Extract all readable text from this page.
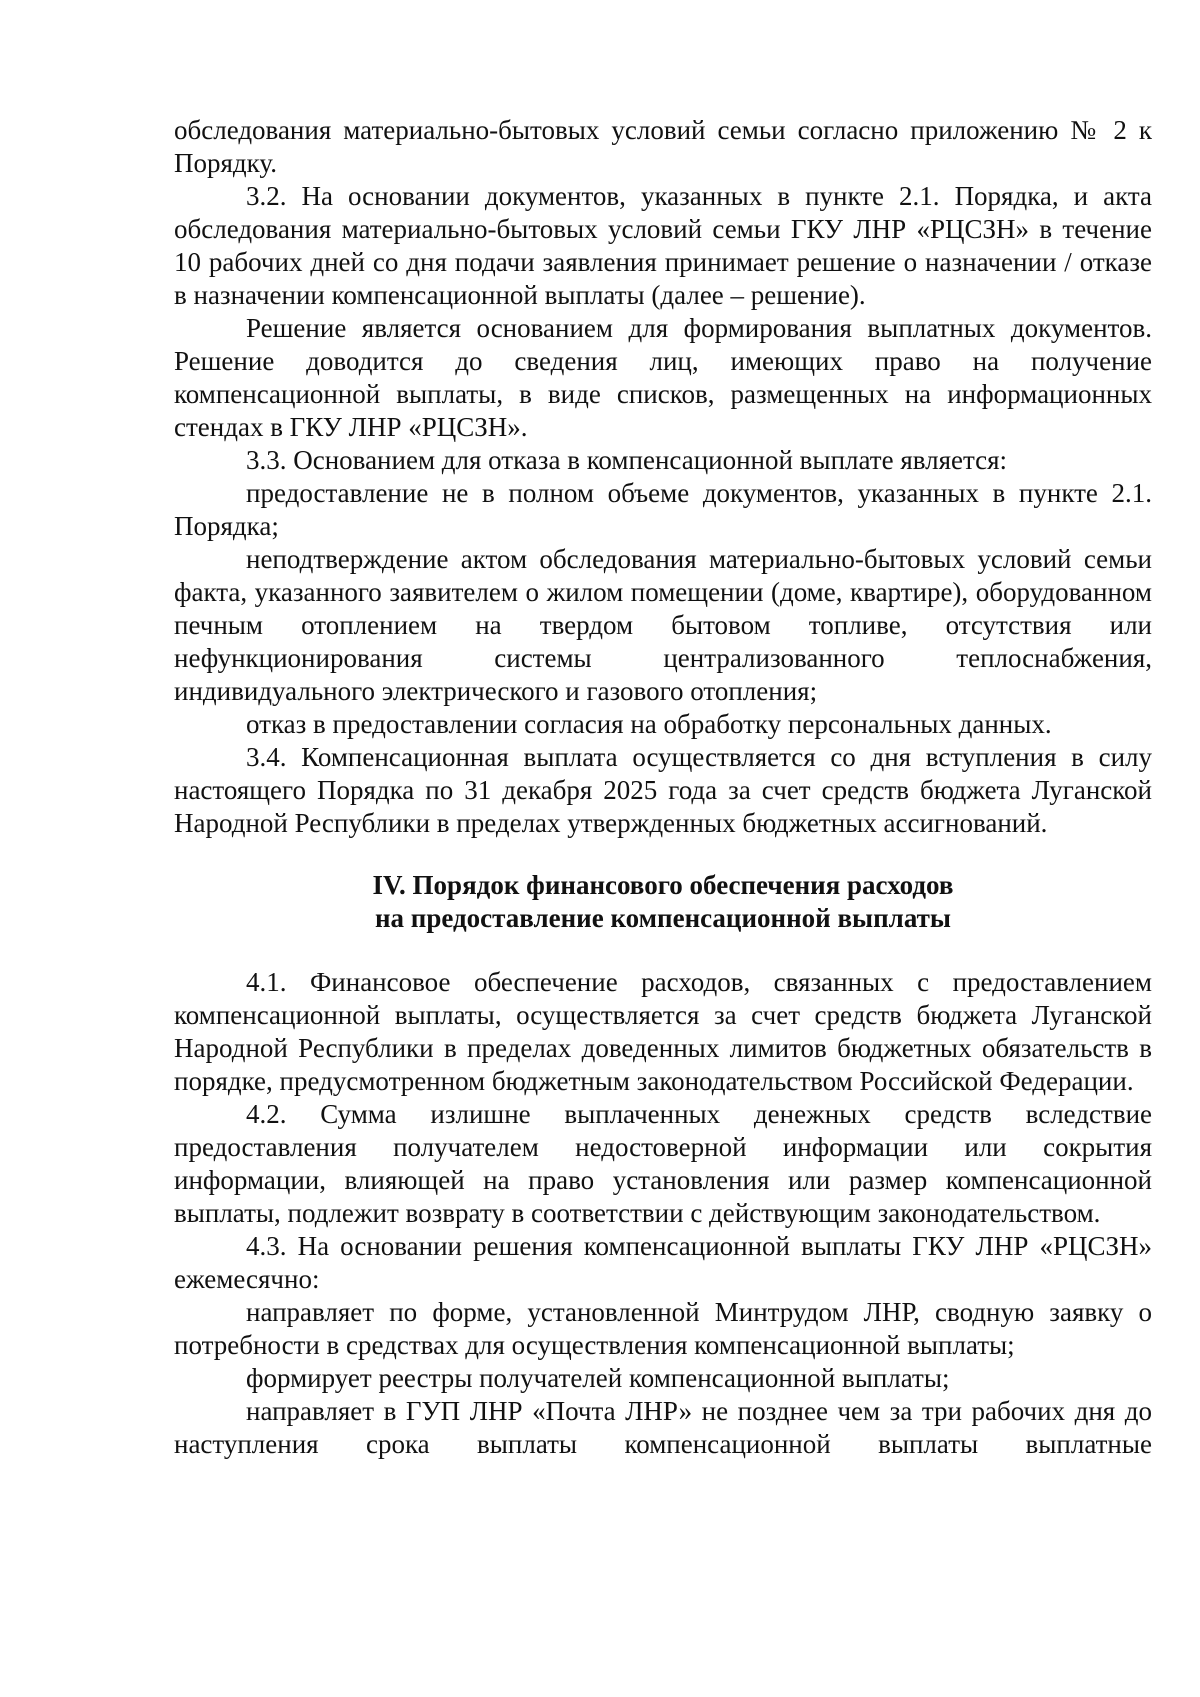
обследования материально-бытовых условий семьи согласно приложению № 2 к Порядку.

3.2. На основании документов, указанных в пункте 2.1. Порядка, и акта обследования материально-бытовых условий семьи ГКУ ЛНР «РЦСЗН» в течение 10 рабочих дней со дня подачи заявления принимает решение о назначении / отказе в назначении компенсационной выплаты (далее – решение).

Решение является основанием для формирования выплатных документов. Решение доводится до сведения лиц, имеющих право на получение компенсационной выплаты, в виде списков, размещенных на информационных стендах в ГКУ ЛНР «РЦСЗН».

3.3. Основанием для отказа в компенсационной выплате является:

предоставление не в полном объеме документов, указанных в пункте 2.1. Порядка;

неподтверждение актом обследования материально-бытовых условий семьи факта, указанного заявителем о жилом помещении (доме, квартире), оборудованном печным отоплением на твердом бытовом топливе, отсутствия или нефункционирования системы централизованного теплоснабжения, индивидуального электрического и газового отопления;

отказ в предоставлении согласия на обработку персональных данных.

3.4. Компенсационная выплата осуществляется со дня вступления в силу настоящего Порядка по 31 декабря 2025 года за счет средств бюджета Луганской Народной Республики в пределах утвержденных бюджетных ассигнований.

IV. Порядок финансового обеспечения расходов
на предоставление компенсационной выплаты

4.1. Финансовое обеспечение расходов, связанных с предоставлением компенсационной выплаты, осуществляется за счет средств бюджета Луганской Народной Республики в пределах доведенных лимитов бюджетных обязательств в порядке, предусмотренном бюджетным законодательством Российской Федерации.

4.2. Сумма излишне выплаченных денежных средств вследствие предоставления получателем недостоверной информации или сокрытия информации, влияющей на право установления или размер компенсационной выплаты, подлежит возврату в соответствии с действующим законодательством.

4.3. На основании решения компенсационной выплаты ГКУ ЛНР «РЦСЗН» ежемесячно:

направляет по форме, установленной Минтрудом ЛНР, сводную заявку о потребности в средствах для осуществления компенсационной выплаты;

формирует реестры получателей компенсационной выплаты;

направляет в ГУП ЛНР «Почта ЛНР» не позднее чем за три рабочих дня до наступления срока выплаты компенсационной выплаты выплатные
